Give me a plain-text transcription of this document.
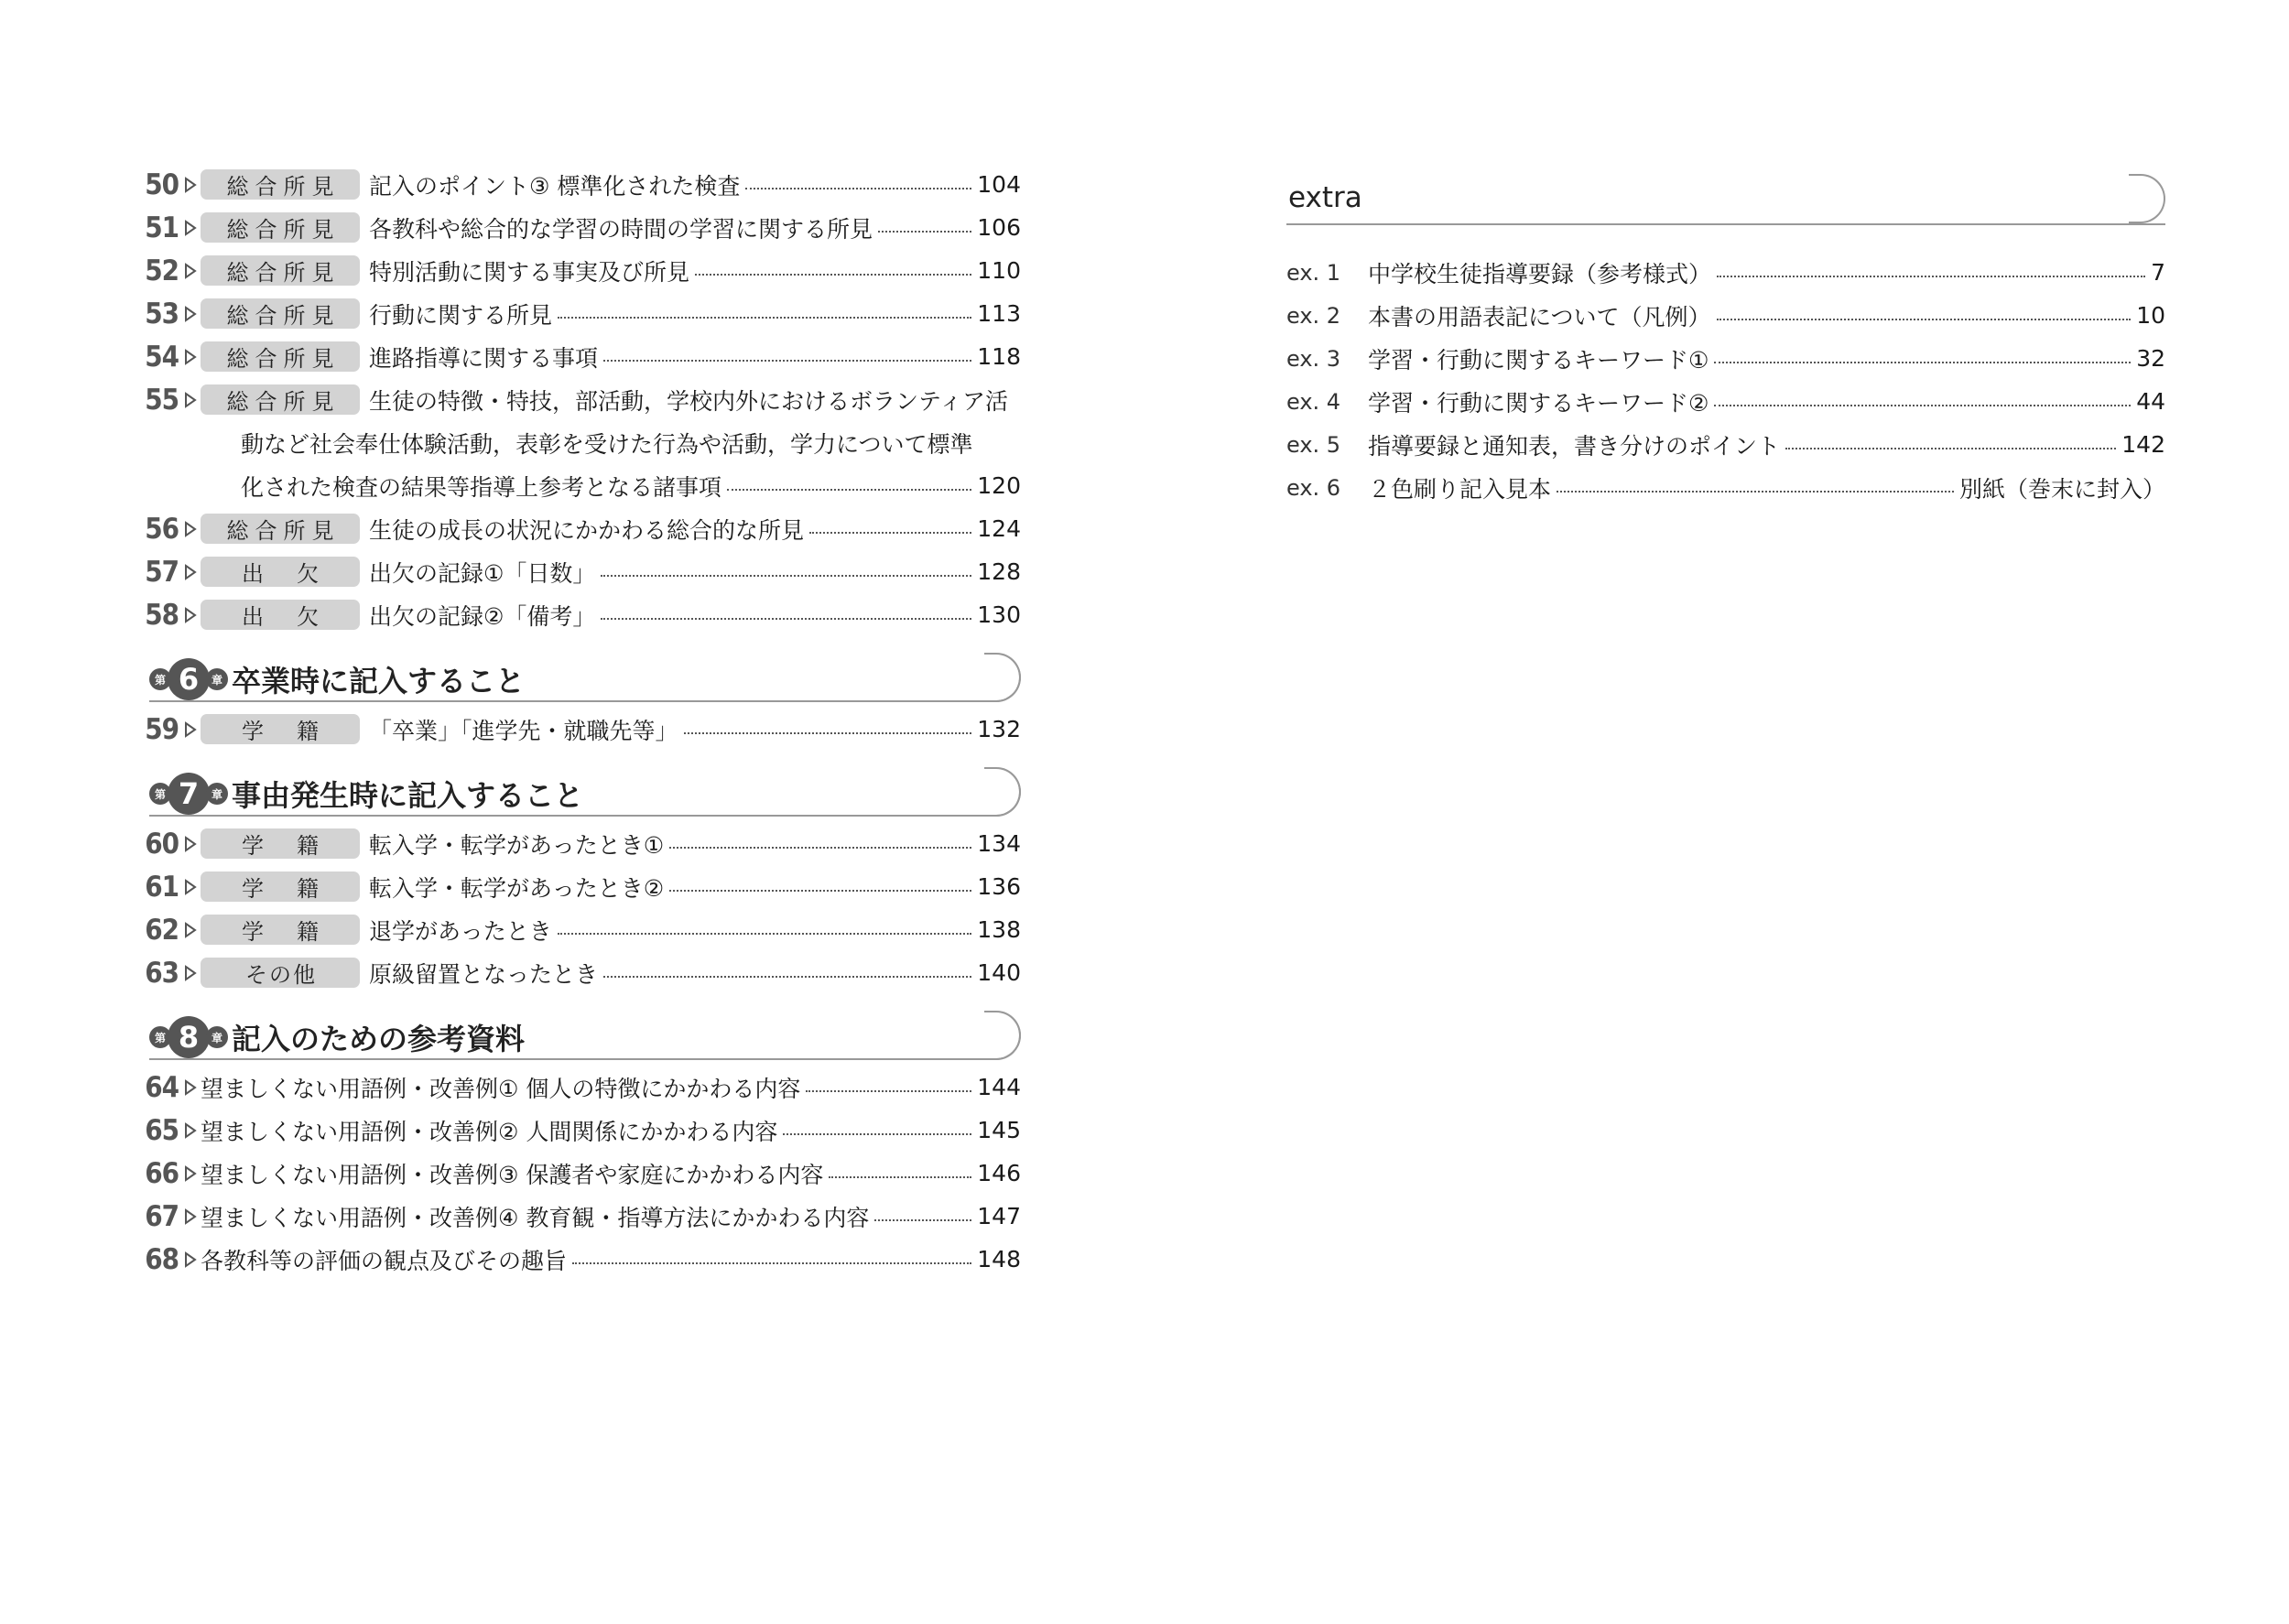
50	総合所見	記入のポイント③ 標準化された検査	104
51	総合所見	各教科や総合的な学習の時間の学習に関する所見	106
52	総合所見	特別活動に関する事実及び所見	110
53	総合所見	行動に関する所見	113
54	総合所見	進路指導に関する事項	118
55	総合所見	生徒の特徴・特技，部活動，学校内外におけるボランティア活
動など社会奉仕体験活動，表彰を受けた行為や活動，学力について標準
化された検査の結果等指導上参考となる諸事項	120
56	総合所見	生徒の成長の状況にかかわる総合的な所見	124
57	出欠 出欠の記録①「日数」	128
58	出欠 出欠の記録②「備考」	130
第 6	章 卒業時に記入すること
59	学籍 「卒業」「進学先・就職先等」	132
第 7	章 事由発生時に記入すること
60	学籍 転入学・転学があったとき①	134
61	学籍 転入学・転学があったとき②	136
62	学籍 退学があったとき	138
63	その他	原級留置となったとき	140
第 8	章 記入のための参考資料
64 望ましくない用語例・改善例① 個人の特徴にかかわる内容	144
65 望ましくない用語例・改善例② 人間関係にかかわる内容	145
66 望ましくない用語例・改善例③ 保護者や家庭にかかわる内容	146
67 望ましくない用語例・改善例④ 教育観・指導方法にかかわる内容	147
68 各教科等の評価の観点及びその趣旨	148
extra
ex. 1	中学校生徒指導要録（参考様式）	7
ex. 2	本書の用語表記について（凡例）	10
ex. 3	学習・行動に関するキーワード①	32
ex. 4	学習・行動に関するキーワード②	44
ex. 5	指導要録と通知表，書き分けのポイント	142
ex. 6	２色刷り記入見本	別紙（巻末に封入）
